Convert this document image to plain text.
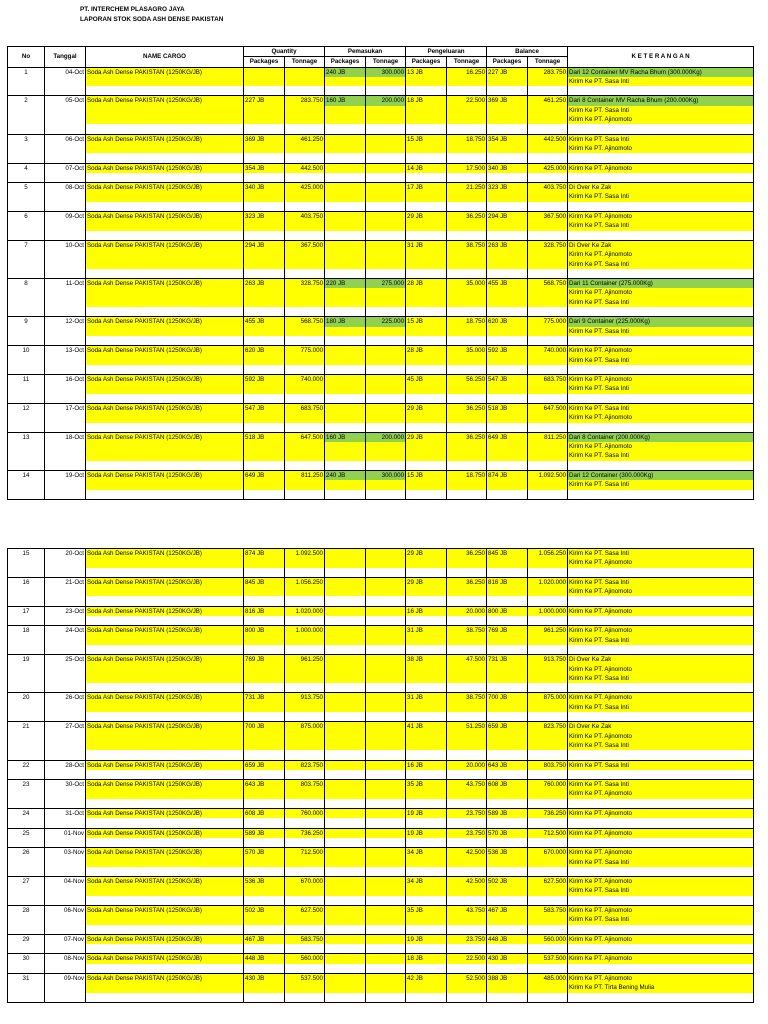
PT. INTERCHEM PLASAGRO JAYA
LAPORAN STOK SODA ASH DENSE PAKISTAN
No	Tanggal	NAME CARGO	Quantity		Pemasukan		Pengeluaran		Balance		K E T E R A N G A N
			Packages	Tonnage	Packages	Tonnage	Packages	Tonnage	Packages	Tonnage	

1	04-Oct	Soda Ash Dense PAKISTAN (1250KG/JB)			240 JB	300.000	13 JB	16.250	227 JB	283.750	Dari 12 Container MV Racha Bhum (300.000Kg)
Kirim Ke PT. Sasa Inti

2	05-Oct	Soda Ash Dense PAKISTAN (1250KG/JB)	227 JB	283.750	160 JB	200.000	18 JB	22.500	369 JB	461.250	Dari 8 Container MV Racha Bhum (200.000Kg)
Kirim Ke PT. Sasa Inti
Kirim Ke PT. Ajinomoto

3	06-Oct	Soda Ash Dense PAKISTAN (1250KG/JB)	369 JB	461.250			15 JB	18.750	354 JB	442.500	Kirim Ke PT. Sasa Inti
Kirim Ke PT. Ajinomoto

4	07-Oct	Soda Ash Dense PAKISTAN (1250KG/JB)	354 JB	442.500			14 JB	17.500	340 JB	425.000	Kirim Ke PT. Ajinomoto

5	08-Oct	Soda Ash Dense PAKISTAN (1250KG/JB)	340 JB	425.000			17 JB	21.250	323 JB	403.750	Di Over Ke Zak
Kirim Ke PT. Sasa Inti

6	09-Oct	Soda Ash Dense PAKISTAN (1250KG/JB)	323 JB	403.750			29 JB	36.250	294 JB	367.500	Kirim Ke PT. Ajinomoto
Kirim Ke PT. Sasa Inti

7	10-Oct	Soda Ash Dense PAKISTAN (1250KG/JB)	294 JB	367.500			31 JB	38.750	263 JB	328.750	Di Over Ke Zak
Kirim Ke PT. Ajinomoto
Kirim Ke PT. Sasa Inti

8	11-Oct	Soda Ash Dense PAKISTAN (1250KG/JB)	263 JB	328.750	220 JB	275.000	28 JB	35.000	455 JB	568.750	Dari 11 Container (275.000Kg)
Kirim Ke PT. Ajinomoto
Kirim Ke PT. Sasa Inti

9	12-Oct	Soda Ash Dense PAKISTAN (1250KG/JB)	455 JB	568.750	180 JB	225.000	15 JB	18.750	620 JB	775.000	Dari 9 Container (225.000Kg)
Kirim Ke PT. Sasa Inti

10	13-Oct	Soda Ash Dense PAKISTAN (1250KG/JB)	620 JB	775.000			28 JB	35.000	592 JB	740.000	Kirim Ke PT. Ajinomoto
Kirim Ke PT. Sasa Inti

11	16-Oct	Soda Ash Dense PAKISTAN (1250KG/JB)	592 JB	740.000			45 JB	56.250	547 JB	683.750	Kirim Ke PT. Ajinomoto
Kirim Ke PT. Sasa Inti

12	17-Oct	Soda Ash Dense PAKISTAN (1250KG/JB)	547 JB	683.750			29 JB	36.250	518 JB	647.500	Kirim Ke PT. Sasa Inti
Kirim Ke PT. Ajinomoto

13	18-Oct	Soda Ash Dense PAKISTAN (1250KG/JB)	518 JB	647.500	160 JB	200.000	29 JB	36.250	649 JB	811.250	Dari 8 Container (200.000Kg)
Kirim Ke PT. Ajinomoto
Kirim Ke PT. Sasa Inti

14	19-Oct	Soda Ash Dense PAKISTAN (1250KG/JB)	649 JB	811.250	240 JB	300.000	15 JB	18.750	874 JB	1.092.500	Dari 12 Container (300.000Kg)
Kirim Ke PT. Sasa Inti
15	20-Oct	Soda Ash Dense PAKISTAN (1250KG/JB)	874 JB	1.092.500			29 JB	36.250	845 JB	1.056.250	Kirim Ke PT. Sasa Inti
Kirim Ke PT. Ajinomoto

16	21-Oct	Soda Ash Dense PAKISTAN (1250KG/JB)	845 JB	1.056.250			29 JB	36.250	816 JB	1.020.000	Kirim Ke PT. Sasa Inti
Kirim Ke PT. Ajinomoto

17	23-Oct	Soda Ash Dense PAKISTAN (1250KG/JB)	816 JB	1.020.000			16 JB	20.000	800 JB	1.000.000	Kirim Ke PT. Ajinomoto

18	24-Oct	Soda Ash Dense PAKISTAN (1250KG/JB)	800 JB	1.000.000			31 JB	38.750	769 JB	961.250	Kirim Ke PT. Ajinomoto
Kirim Ke PT. Sasa Inti

19	25-Oct	Soda Ash Dense PAKISTAN (1250KG/JB)	769 JB	961.250			38 JB	47.500	731 JB	913.750	Di Over Ke Zak
Kirim Ke PT. Ajinomoto
Kirim Ke PT. Sasa Inti

20	26-Oct	Soda Ash Dense PAKISTAN (1250KG/JB)	731 JB	913.750			31 JB	38.750	700 JB	875.000	Kirim Ke PT. Ajinomoto
Kirim Ke PT. Sasa Inti

21	27-Oct	Soda Ash Dense PAKISTAN (1250KG/JB)	700 JB	875.000			41 JB	51.250	659 JB	823.750	Di Over Ke Zak
Kirim Ke PT. Ajinomoto
Kirim Ke PT. Sasa Inti

22	28-Oct	Soda Ash Dense PAKISTAN (1250KG/JB)	659 JB	823.750			16 JB	20.000	643 JB	803.750	Kirim Ke PT. Sasa Inti

23	30-Oct	Soda Ash Dense PAKISTAN (1250KG/JB)	643 JB	803.750			35 JB	43.750	608 JB	760.000	Kirim Ke PT. Sasa Inti
Kirim Ke PT. Ajinomoto

24	31-Oct	Soda Ash Dense PAKISTAN (1250KG/JB)	608 JB	760.000			19 JB	23.750	589 JB	736.250	Kirim Ke PT. Ajinomoto

25	01-Nov	Soda Ash Dense PAKISTAN (1250KG/JB)	589 JB	736.250			19 JB	23.750	570 JB	712.500	Kirim Ke PT. Ajinomoto

26	03-Nov	Soda Ash Dense PAKISTAN (1250KG/JB)	570 JB	712.500			34 JB	42.500	536 JB	670.000	Kirim Ke PT. Ajinomoto
Kirim Ke PT. Sasa Inti

27	04-Nov	Soda Ash Dense PAKISTAN (1250KG/JB)	536 JB	670.000			34 JB	42.500	502 JB	627.500	Kirim Ke PT. Ajinomoto
Kirim Ke PT. Sasa Inti

28	06-Nov	Soda Ash Dense PAKISTAN (1250KG/JB)	502 JB	627.500			35 JB	43.750	467 JB	583.750	Kirim Ke PT. Ajinomoto
Kirim Ke PT. Sasa Inti

29	07-Nov	Soda Ash Dense PAKISTAN (1250KG/JB)	467 JB	583.750			19 JB	23.750	448 JB	560.000	Kirim Ke PT. Ajinomoto

30	08-Nov	Soda Ash Dense PAKISTAN (1250KG/JB)	448 JB	560.000			18 JB	22.500	430 JB	537.500	Kirim Ke PT. Ajinomoto

31	09-Nov	Soda Ash Dense PAKISTAN (1250KG/JB)	430 JB	537.500			42 JB	52.500	388 JB	485.000	Kirim Ke PT. Ajinomoto
Kirim Ke PT. Tirta Bening Mulia
